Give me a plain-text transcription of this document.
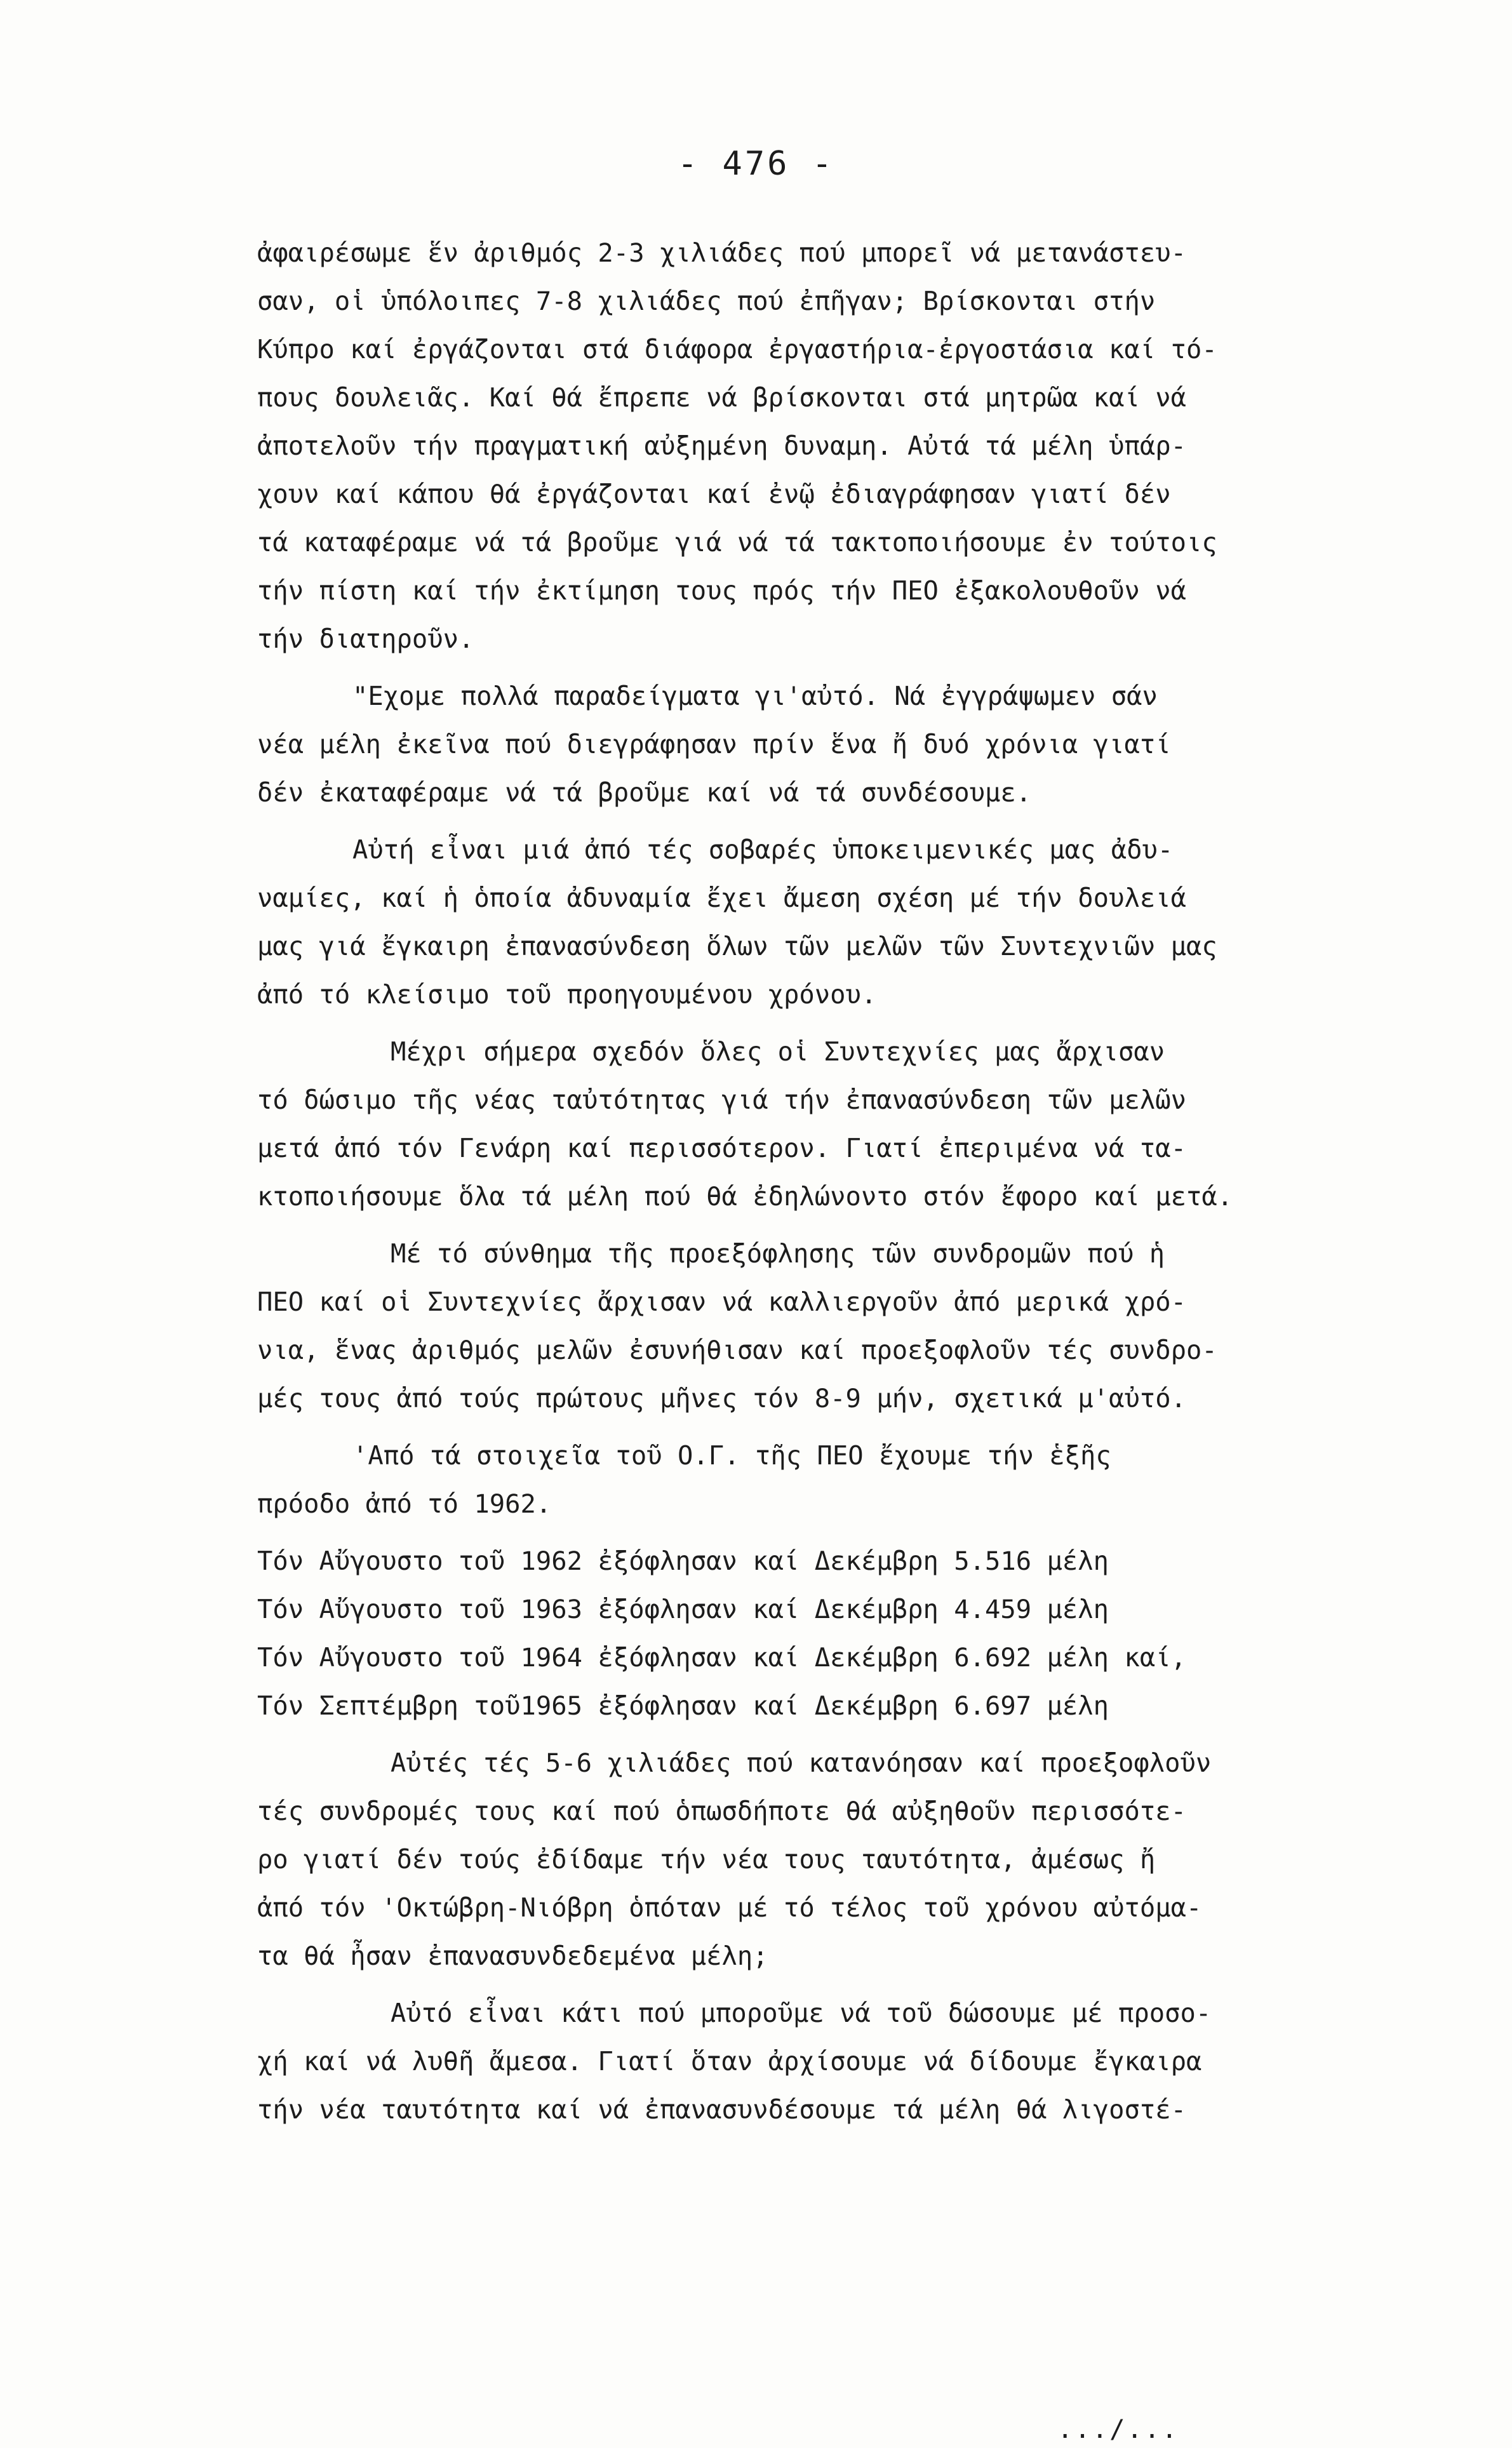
- 476 -

ἀφαιρέσωμε ἕν ἀριθμός 2-3 χιλιάδες πού μπορεῖ νά μετανάστευ-
σαν, οἱ ὑπόλοιπες 7-8 χιλιάδες πού ἐπῆγαν; Βρίσκονται στήν
Κύπρο καί ἐργάζονται στά διάφορα ἐργαστήρια-ἐργοστάσια καί τό-
πους δουλειᾶς. Καί θά ἔπρεπε νά βρίσκονται στά μητρῶα καί νά
ἀποτελοῦν τήν πραγματική αὐξημένη δυναμη. Αὐτά τά μέλη ὑπάρ-
χουν καί κάπου θά ἐργάζονται καί ἐνῷ ἐδιαγράφησαν γιατί δέν
τά καταφέραμε νά τά βροῦμε γιά νά τά τακτοποιήσουμε ἐν τούτοις
τήν πίστη καί τήν ἐκτίμηση τους πρός τήν ΠΕΟ ἐξακολουθοῦν νά
τήν διατηροῦν.

"Εχομε πολλά παραδείγματα γι'αὐτό. Νά ἐγγράψωμεν σάν
νέα μέλη ἐκεῖνα πού διεγράφησαν πρίν ἕνα ἤ δυό χρόνια γιατί
δέν ἐκαταφέραμε νά τά βροῦμε καί νά τά συνδέσουμε.

Αὐτή εἶναι μιά ἀπό τές σοβαρές ὑποκειμενικές μας ἀδυ-
ναμίες, καί ἡ ὁποία ἀδυναμία ἔχει ἄμεση σχέση μέ τήν δουλειά
μας γιά ἔγκαιρη ἐπανασύνδεση ὅλων τῶν μελῶν τῶν Συντεχνιῶν μας
ἀπό τό κλείσιμο τοῦ προηγουμένου χρόνου.

Μέχρι σήμερα σχεδόν ὅλες οἱ Συντεχνίες μας ἄρχισαν
τό δώσιμο τῆς νέας ταὐτότητας γιά τήν ἐπανασύνδεση τῶν μελῶν
μετά ἀπό τόν Γενάρη καί περισσότερον. Γιατί ἐπεριμένα νά τα-
κτοποιήσουμε ὅλα τά μέλη πού θά ἐδηλώνοντο στόν ἔφορο καί μετά.

Μέ τό σύνθημα τῆς προεξόφλησης τῶν συνδρομῶν πού ἡ
ΠΕΟ καί οἱ Συντεχνίες ἄρχισαν νά καλλιεργοῦν ἀπό μερικά χρό-
νια, ἕνας ἀριθμός μελῶν ἐσυνήθισαν καί προεξοφλοῦν τές συνδρο-
μές τους ἀπό τούς πρώτους μῆνες τόν 8-9 μήν, σχετικά μ'αὐτό.

'Από τά στοιχεῖα τοῦ Ο.Γ. τῆς ΠΕΟ ἔχουμε τήν ἑξῆς
πρόοδο ἀπό τό 1962.

Τόν Αὔγουστο τοῦ 1962 ἐξόφλησαν καί Δεκέμβρη 5.516 μέλη
Τόν Αὔγουστο τοῦ 1963 ἐξόφλησαν καί Δεκέμβρη 4.459 μέλη
Τόν Αὔγουστο τοῦ 1964 ἐξόφλησαν καί Δεκέμβρη 6.692 μέλη καί,
Τόν Σεπτέμβρη τοῦ1965 ἐξόφλησαν καί Δεκέμβρη 6.697 μέλη

Αὐτές τές 5-6 χιλιάδες πού κατανόησαν καί προεξοφλοῦν
τές συνδρομές τους καί πού ὁπωσδήποτε θά αὐξηθοῦν περισσότε-
ρο γιατί δέν τούς ἐδίδαμε τήν νέα τους ταυτότητα, ἀμέσως ἤ
ἀπό τόν 'Οκτώβρη-Νιόβρη ὁπόταν μέ τό τέλος τοῦ χρόνου αὐτόμα-
τα θά ἦσαν ἐπανασυνδεδεμένα μέλη;

Αὐτό εἶναι κάτι πού μποροῦμε νά τοῦ δώσουμε μέ προσο-
χή καί νά λυθῆ ἄμεσα. Γιατί ὅταν ἀρχίσουμε νά δίδουμε ἔγκαιρα
τήν νέα ταυτότητα καί νά ἐπανασυνδέσουμε τά μέλη θά λιγοστέ-

.../...
